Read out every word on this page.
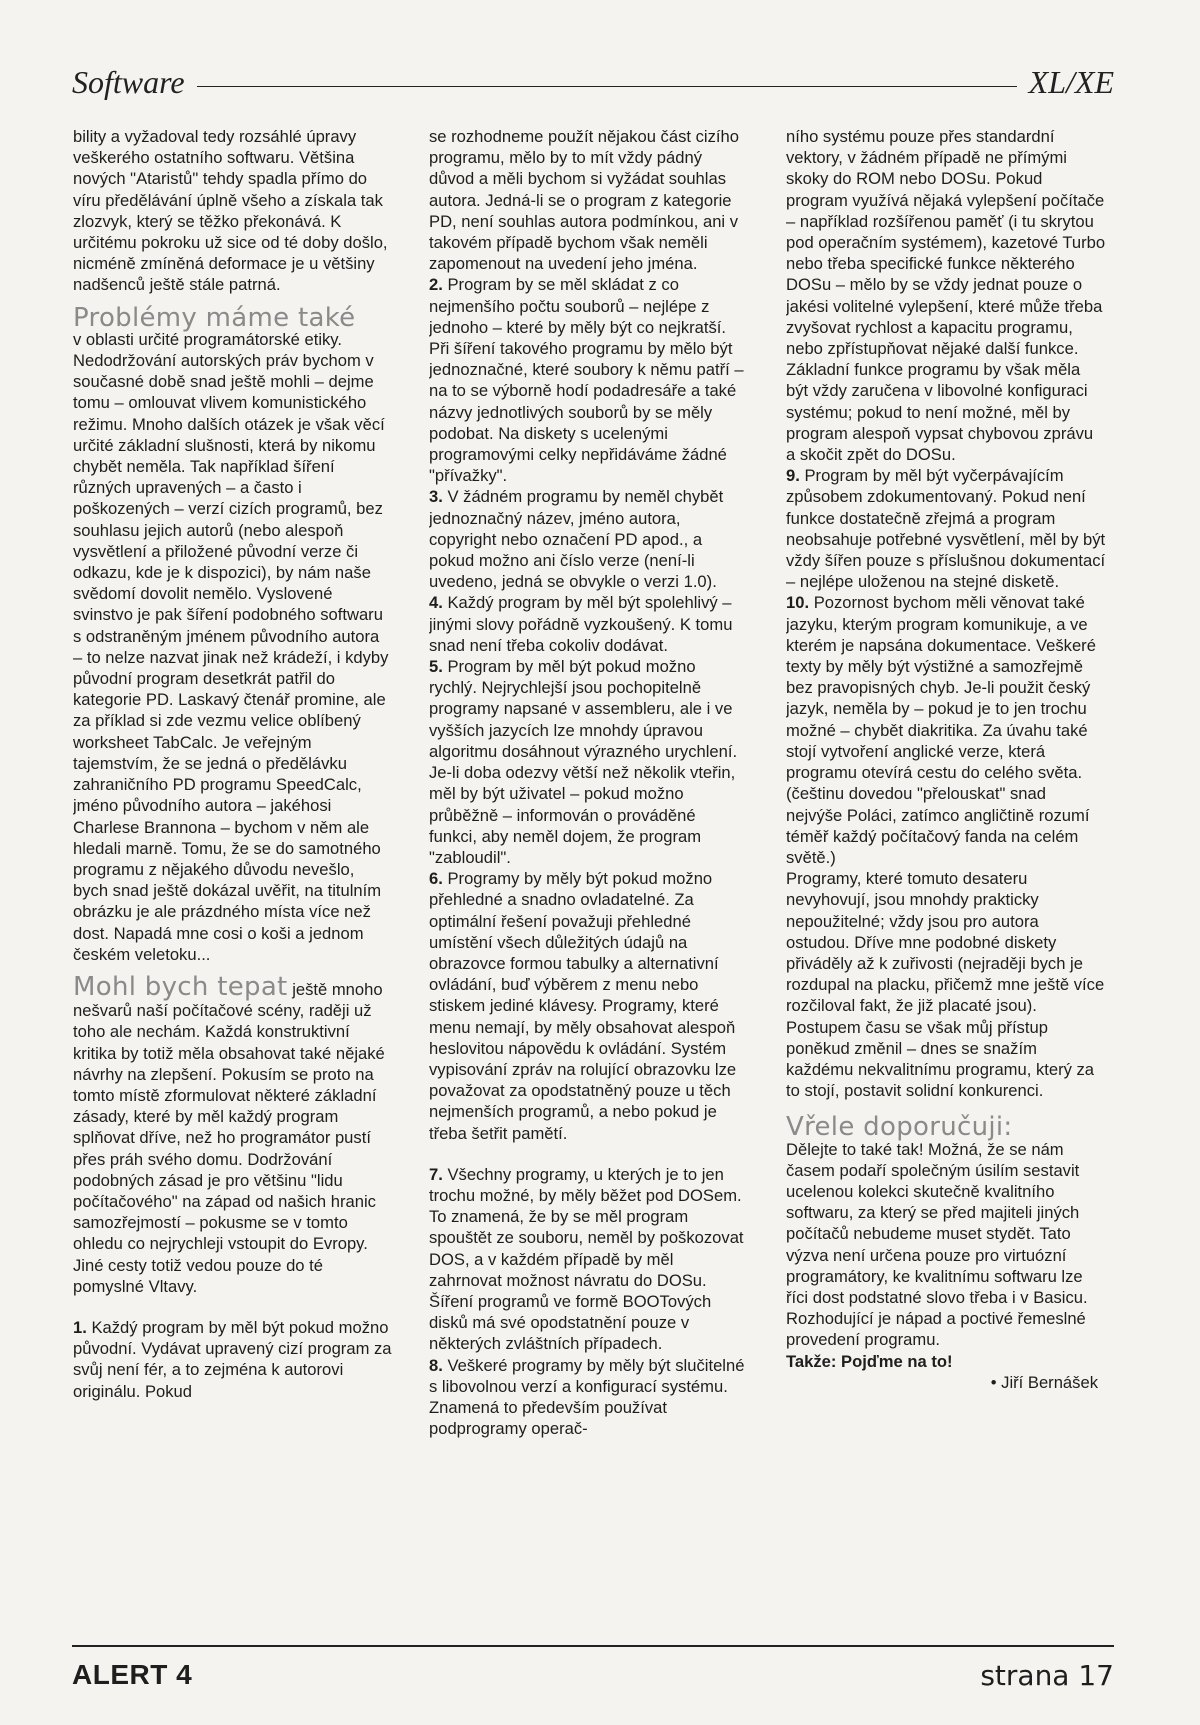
Software	XL/XE

bility a vyžadoval tedy rozsáhlé úpravy veškerého ostatního softwaru. Většina nových "Ataristů" tehdy spadla přímo do víru předělávání úplně všeho a získala tak zlozvyk, který se těžko překonává. K určitému pokroku už sice od té doby došlo, nicméně zmíněná deformace je u většiny nadšenců ještě stále patrná.

Problémy máme také

v oblasti určité programátorské etiky. Nedodržování autorských práv bychom v současné době snad ještě mohli – dejme tomu – omlouvat vlivem komunistického režimu. Mnoho dalších otázek je však věcí určité základní slušnosti, která by nikomu chybět neměla. Tak například šíření různých upravených – a často i poškozených – verzí cizích programů, bez souhlasu jejich autorů (nebo alespoň vysvětlení a přiložené původní verze či odkazu, kde je k dispozici), by nám naše svědomí dovolit nemělo. Vyslovené svinstvo je pak šíření podobného softwaru s odstraněným jménem původního autora – to nelze nazvat jinak než krádeží, i kdyby původní program desetkrát patřil do kategorie PD. Laskavý čtenář promine, ale za příklad si zde vezmu velice oblíbený worksheet TabCalc. Je veřejným tajemstvím, že se jedná o předělávku zahraničního PD programu SpeedCalc, jméno původního autora – jakéhosi Charlese Brannona – bychom v něm ale hledali marně. Tomu, že se do samotného programu z nějakého důvodu nevešlo, bych snad ještě dokázal uvěřit, na titulním obrázku je ale prázdného místa více než dost. Napadá mne cosi o koši a jednom českém veletoku...

Mohl bych tepat ještě mnoho nešvarů naší počítačové scény, raději už toho ale nechám. Každá konstruktivní kritika by totiž měla obsahovat také nějaké návrhy na zlepšení. Pokusím se proto na tomto místě zformulovat některé základní zásady, které by měl každý program splňovat dříve, než ho programátor pustí přes práh svého domu. Dodržování podobných zásad je pro většinu "lidu počítačového" na západ od našich hranic samozřejmostí – pokusme se v tomto ohledu co nejrychleji vstoupit do Evropy. Jiné cesty totiž vedou pouze do té pomyslné Vltavy.

1. Každý program by měl být pokud možno původní. Vydávat upravený cizí program za svůj není fér, a to zejména k autorovi originálu. Pokud

se rozhodneme použít nějakou část cizího programu, mělo by to mít vždy pádný důvod a měli bychom si vyžádat souhlas autora. Jedná-li se o program z kategorie PD, není souhlas autora podmínkou, ani v takovém případě bychom však neměli zapomenout na uvedení jeho jména.

2. Program by se měl skládat z co nejmenšího počtu souborů – nejlépe z jednoho – které by měly být co nejkratší. Při šíření takového programu by mělo být jednoznačné, které soubory k němu patří – na to se výborně hodí podadresáře a také názvy jednotlivých souborů by se měly podobat. Na diskety s ucelenými programovými celky nepřidáváme žádné "přívažky".

3. V žádném programu by neměl chybět jednoznačný název, jméno autora, copyright nebo označení PD apod., a pokud možno ani číslo verze (není-li uvedeno, jedná se obvykle o verzi 1.0).

4. Každý program by měl být spolehlivý – jinými slovy pořádně vyzkoušený. K tomu snad není třeba cokoliv dodávat.

5. Program by měl být pokud možno rychlý. Nejrychlejší jsou pochopitelně programy napsané v assembleru, ale i ve vyšších jazycích lze mnohdy úpravou algoritmu dosáhnout výrazného urychlení. Je-li doba odezvy větší než několik vteřin, měl by být uživatel – pokud možno průběžně – informován o prováděné funkci, aby neměl dojem, že program "zabloudil".

6. Programy by měly být pokud možno přehledné a snadno ovladatelné. Za optimální řešení považuji přehledné umístění všech důležitých údajů na obrazovce formou tabulky a alternativní ovládání, buď výběrem z menu nebo stiskem jediné klávesy. Programy, které menu nemají, by měly obsahovat alespoň heslovitou nápovědu k ovládání. Systém vypisování zpráv na rolující obrazovku lze považovat za opodstatněný pouze u těch nejmenších programů, a nebo pokud je třeba šetřit pamětí.

7. Všechny programy, u kterých je to jen trochu možné, by měly běžet pod DOSem. To znamená, že by se měl program spouštět ze souboru, neměl by poškozovat DOS, a v každém případě by měl zahrnovat možnost návratu do DOSu. Šíření programů ve formě BOOTových disků má své opodstatnění pouze v některých zvláštních případech.

8. Veškeré programy by měly být slučitelné s libovolnou verzí a konfigurací systému. Znamená to především používat podprogramy operač-

ního systému pouze přes standardní vektory, v žádném případě ne přímými skoky do ROM nebo DOSu. Pokud program využívá nějaká vylepšení počítače – například rozšířenou paměť (i tu skrytou pod operačním systémem), kazetové Turbo nebo třeba specifické funkce některého DOSu – mělo by se vždy jednat pouze o jakési volitelné vylepšení, které může třeba zvyšovat rychlost a kapacitu programu, nebo zpřístupňovat nějaké další funkce. Základní funkce programu by však měla být vždy zaručena v libovolné konfiguraci systému; pokud to není možné, měl by program alespoň vypsat chybovou zprávu a skočit zpět do DOSu.

9. Program by měl být vyčerpávajícím způsobem zdokumentovaný. Pokud není funkce dostatečně zřejmá a program neobsahuje potřebné vysvětlení, měl by být vždy šířen pouze s příslušnou dokumentací – nejlépe uloženou na stejné disketě.

10. Pozornost bychom měli věnovat také jazyku, kterým program komunikuje, a ve kterém je napsána dokumentace. Veškeré texty by měly být výstižné a samozřejmě bez pravopisných chyb. Je-li použit český jazyk, neměla by – pokud je to jen trochu možné – chybět diakritika. Za úvahu také stojí vytvoření anglické verze, která programu otevírá cestu do celého světa. (češtinu dovedou "přelouskat" snad nejvýše Poláci, zatímco angličtině rozumí téměř každý počítačový fanda na celém světě.)

Programy, které tomuto desateru nevyhovují, jsou mnohdy prakticky nepoužitelné; vždy jsou pro autora ostudou. Dříve mne podobné diskety přiváděly až k zuřivosti (nejraději bych je rozdupal na placku, přičemž mne ještě více rozčiloval fakt, že již placaté jsou). Postupem času se však můj přístup poněkud změnil – dnes se snažím každému nekvalitnímu programu, který za to stojí, postavit solidní konkurenci.

Vřele doporučuji:

Dělejte to také tak! Možná, že se nám časem podaří společným úsilím sestavit ucelenou kolekci skutečně kvalitního softwaru, za který se před majiteli jiných počítačů nebudeme muset stydět. Tato výzva není určena pouze pro virtuózní programátory, ke kvalitnímu softwaru lze říci dost podstatné slovo třeba i v Basicu. Rozhodující je nápad a poctivé řemeslné provedení programu.

Takže: Pojďme na to!

• Jiří Bernášek

ALERT 4	strana 17
